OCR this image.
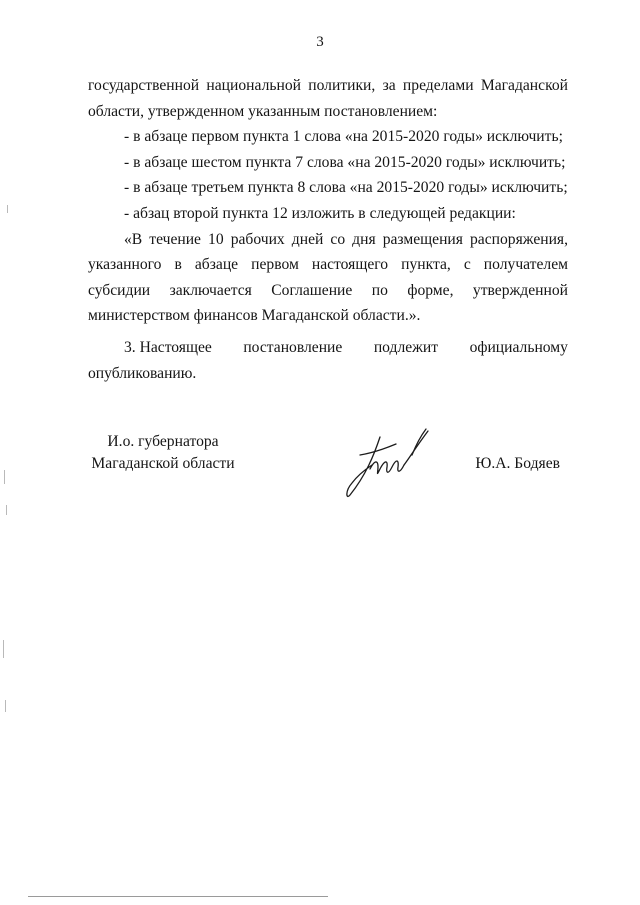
3

государственной национальной политики, за пределами Магаданской области, утвержденном указанным постановлением:

- в абзаце первом пункта 1 слова «на 2015-2020 годы» исключить;

- в абзаце шестом пункта 7 слова «на 2015-2020 годы» исключить;

- в абзаце третьем пункта 8 слова «на 2015-2020 годы» исключить;

- абзац второй пункта 12 изложить в следующей редакции:

«В течение 10 рабочих дней со дня размещения распоряжения, указанного в абзаце первом настоящего пункта, с получателем субсидии заключается Соглашение по форме, утвержденной министерством финансов Магаданской области.».

3. Настоящее постановление подлежит официальному

опубликованию.

И.о. губернатора
Магаданской области	Ю.А. Бодяев
